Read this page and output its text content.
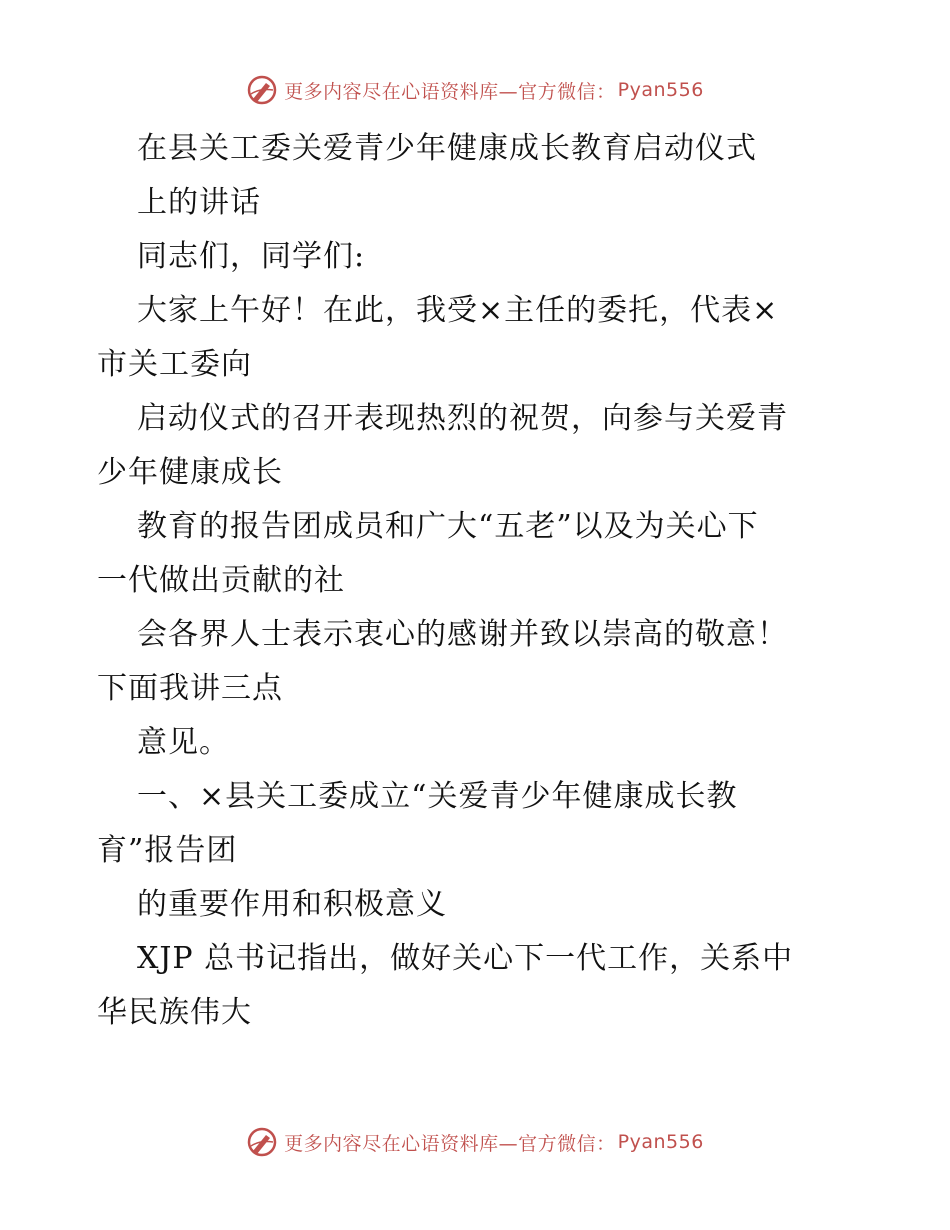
更多内容尽在心语资料库—官方微信： Pyan556
在县关工委关爱青少年健康成长教育启动仪式
上的讲话
同志们，同学们:
大家上午好！在此，我受×主任的委托，代表×
市关工委向
启动仪式的召开表现热烈的祝贺，向参与关爱青
少年健康成长
教育的报告团成员和广大“五老”以及为关心下
一代做出贡献的社
会各界人士表示衷心的感谢并致以崇高的敬意！
下面我讲三点
意见。
一、×县关工委成立“关爱青少年健康成长教
育”报告团
的重要作用和积极意义
XJP 总书记指出，做好关心下一代工作，关系中
华民族伟大
更多内容尽在心语资料库—官方微信： Pyan556
